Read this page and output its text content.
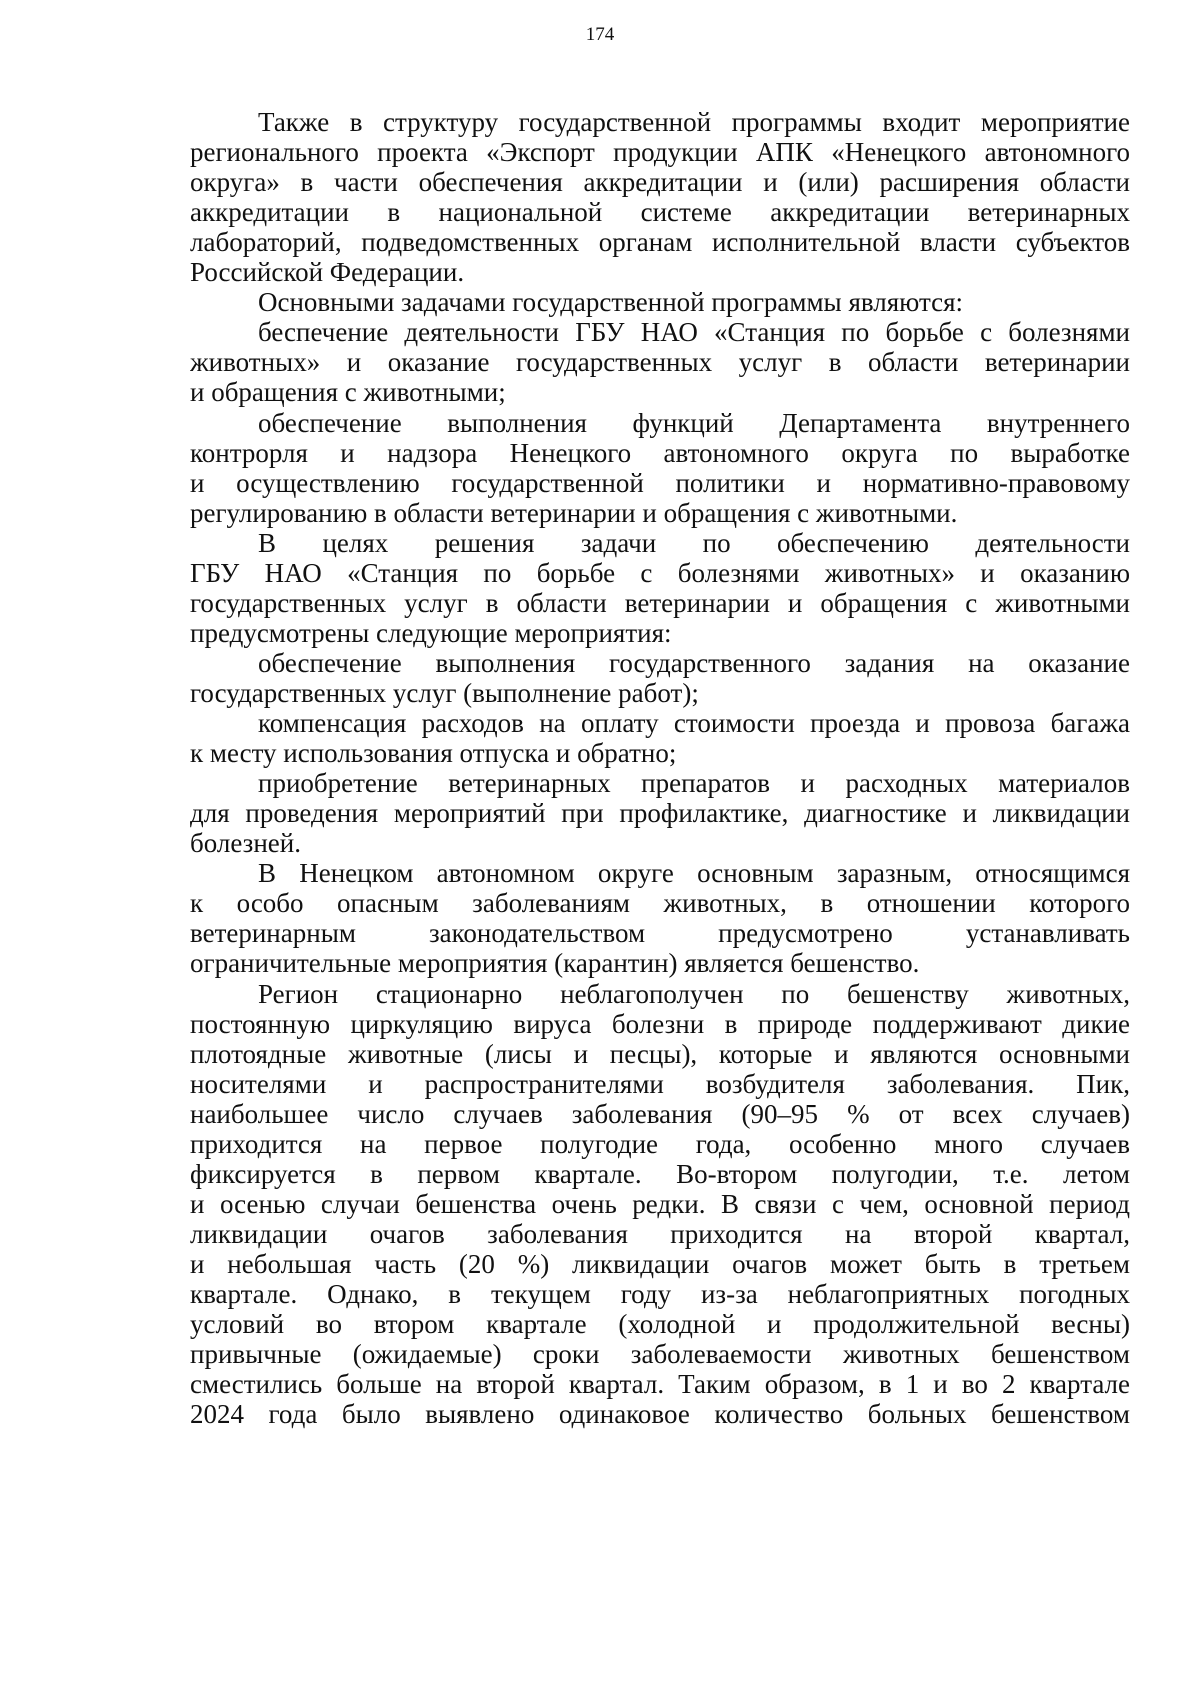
174
Также в структуру государственной программы входит мероприятие
регионального проекта «Экспорт продукции АПК «Ненецкого автономного
округа» в части обеспечения аккредитации и (или) расширения области
аккредитации в национальной системе аккредитации ветеринарных
лабораторий, подведомственных органам исполнительной власти субъектов
Российской Федерации.
Основными задачами государственной программы являются:
беспечение деятельности ГБУ НАО «Станция по борьбе с болезнями
животных» и оказание государственных услуг в области ветеринарии
и обращения с животными;
обеспечение выполнения функций Департамента внутреннего
контрорля и надзора Ненецкого автономного округа по выработке
и осуществлению государственной политики и нормативно-правовому
регулированию в области ветеринарии и обращения с животными.
В целях решения задачи по обеспечению деятельности
ГБУ НАО «Станция по борьбе с болезнями животных» и оказанию
государственных услуг в области ветеринарии и обращения с животными
предусмотрены следующие мероприятия:
обеспечение выполнения государственного задания на оказание
государственных услуг (выполнение работ);
компенсация расходов на оплату стоимости проезда и провоза багажа
к месту использования отпуска и обратно;
приобретение ветеринарных препаратов и расходных материалов
для проведения мероприятий при профилактике, диагностике и ликвидации
болезней.
В Ненецком автономном округе основным заразным, относящимся
к особо опасным заболеваниям животных, в отношении которого
ветеринарным законодательством предусмотрено устанавливать
ограничительные мероприятия (карантин) является бешенство.
Регион стационарно неблагополучен по бешенству животных,
постоянную циркуляцию вируса болезни в природе поддерживают дикие
плотоядные животные (лисы и песцы), которые и являются основными
носителями и распространителями возбудителя заболевания. Пик,
наибольшее число случаев заболевания (90–95 % от всех случаев)
приходится на первое полугодие года, особенно много случаев
фиксируется в первом квартале. Во-втором полугодии, т.е. летом
и осенью случаи бешенства очень редки. В связи с чем, основной период
ликвидации очагов заболевания приходится на второй квартал,
и небольшая часть (20 %) ликвидации очагов может быть в третьем
квартале. Однако, в текущем году из-за неблагоприятных погодных
условий во втором квартале (холодной и продолжительной весны)
привычные (ожидаемые) сроки заболеваемости животных бешенством
сместились больше на второй квартал. Таким образом, в 1 и во 2 квартале
2024 года было выявлено одинаковое количество больных бешенством
